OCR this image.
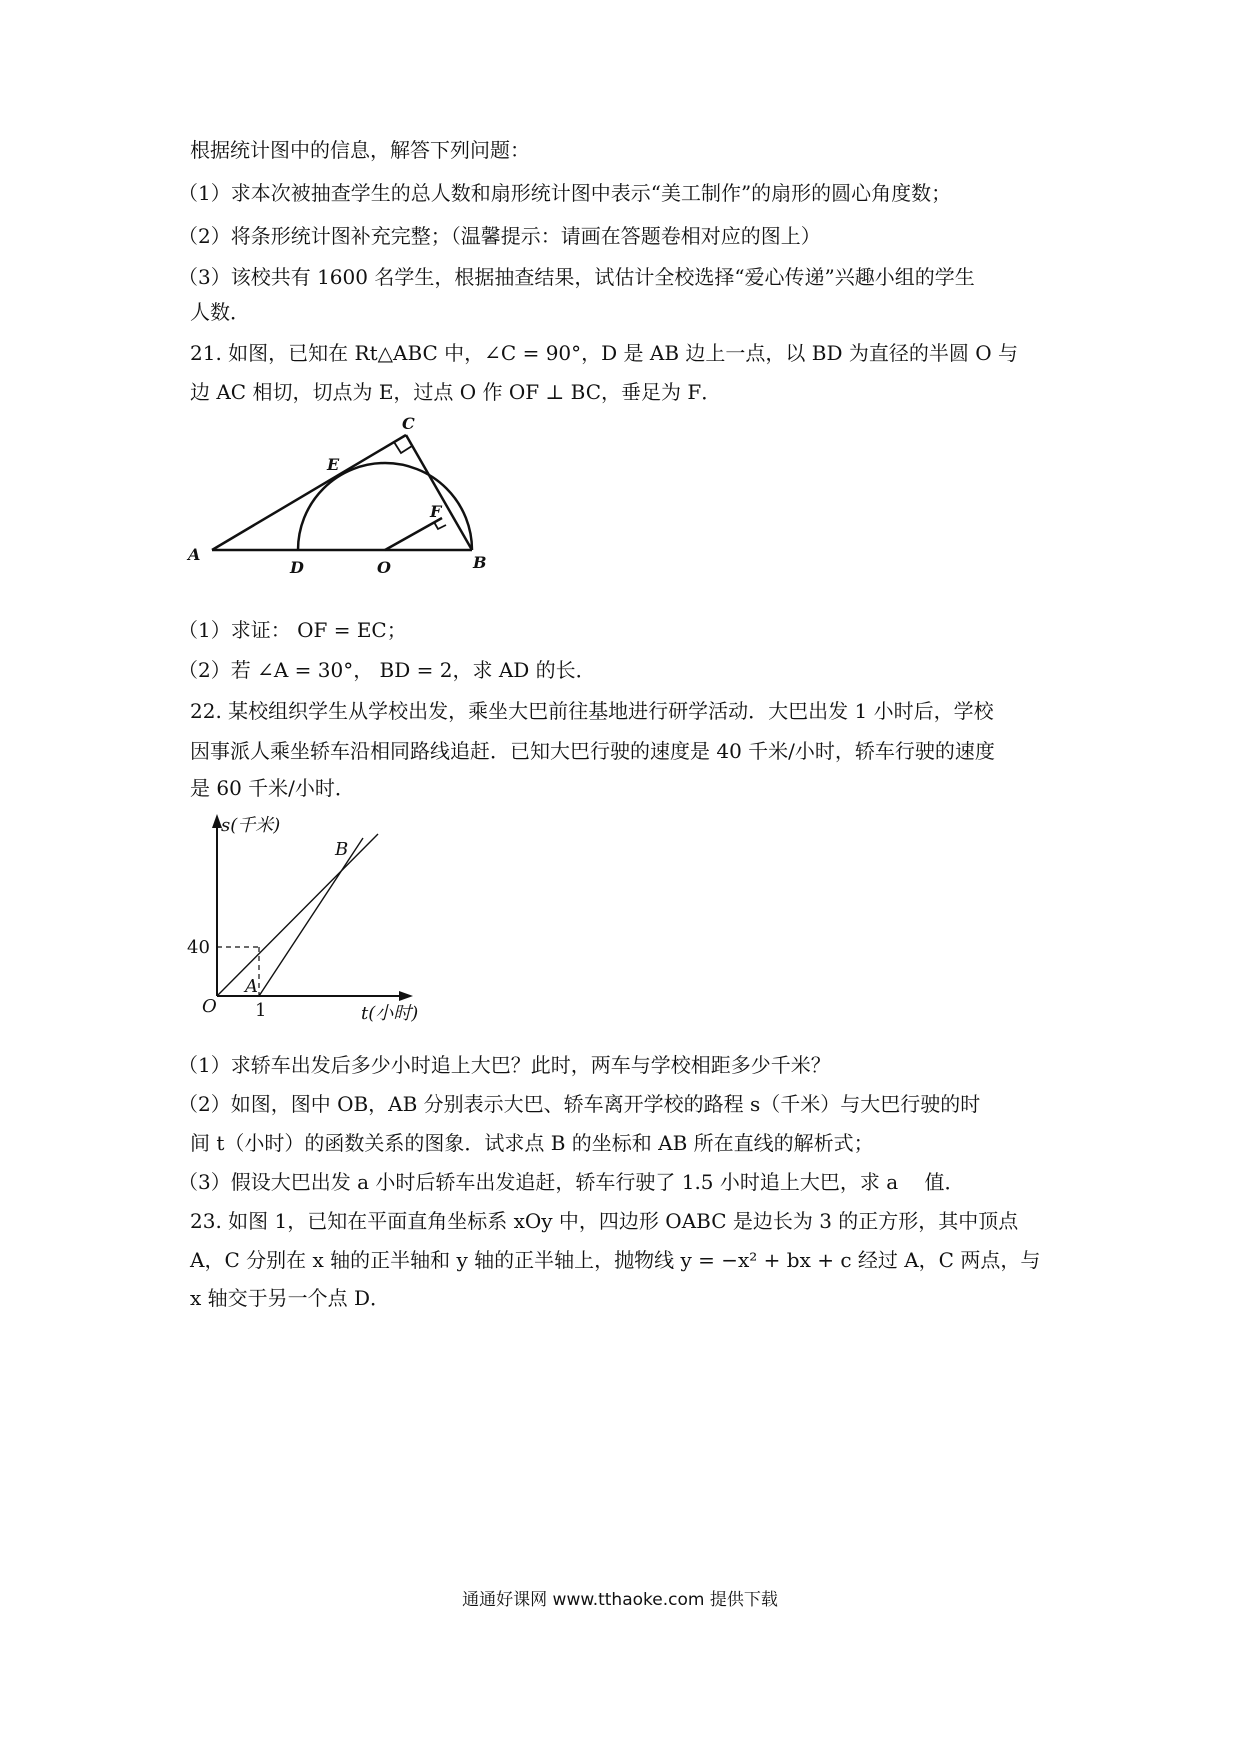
根据统计图中的信息，解答下列问题：
（1）求本次被抽查学生的总人数和扇形统计图中表示“美工制作”的扇形的圆心角度数；
（2）将条形统计图补充完整；（温馨提示：请画在答题卷相对应的图上）
（3）该校共有 1600 名学生，根据抽查结果，试估计全校选择“爱心传递”兴趣小组的学生
人数．
21. 如图，已知在 Rt△ABC 中，∠C = 90°，D 是 AB 边上一点，以 BD 为直径的半圆 O 与
边 AC 相切，切点为 E，过点 O 作 OF ⊥ BC，垂足为 F．
A
D	O	B
C
E
F
（1）求证： OF = EC；
（2）若 ∠A = 30°， BD = 2，求 AD 的长．
22. 某校组织学生从学校出发，乘坐大巴前往基地进行研学活动．大巴出发 1 小时后，学校
因事派人乘坐轿车沿相同路线追赶．已知大巴行驶的速度是 40 千米/小时，轿车行驶的速度
是 60 千米/小时．
s(千米)
t(小时)
O
40
1
A
B
（1）求轿车出发后多少小时追上大巴？此时，两车与学校相距多少千米？
（2）如图，图中 OB，AB 分别表示大巴、轿车离开学校的路程 s（千米）与大巴行驶的时
间 t（小时）的函数关系的图象．试求点 B 的坐标和 AB 所在直线的解析式；
（3）假设大巴出发 a 小时后轿车出发追赶，轿车行驶了 1.5 小时追上大巴，求 a 　值．
23. 如图 1，已知在平面直角坐标系 xOy 中，四边形 OABC 是边长为 3 的正方形，其中顶点
A，C 分别在 x 轴的正半轴和 y 轴的正半轴上，抛物线 y = −x² + bx + c 经过 A，C 两点，与
x 轴交于另一个点 D．
通通好课网 www.tthaoke.com 提供下载
